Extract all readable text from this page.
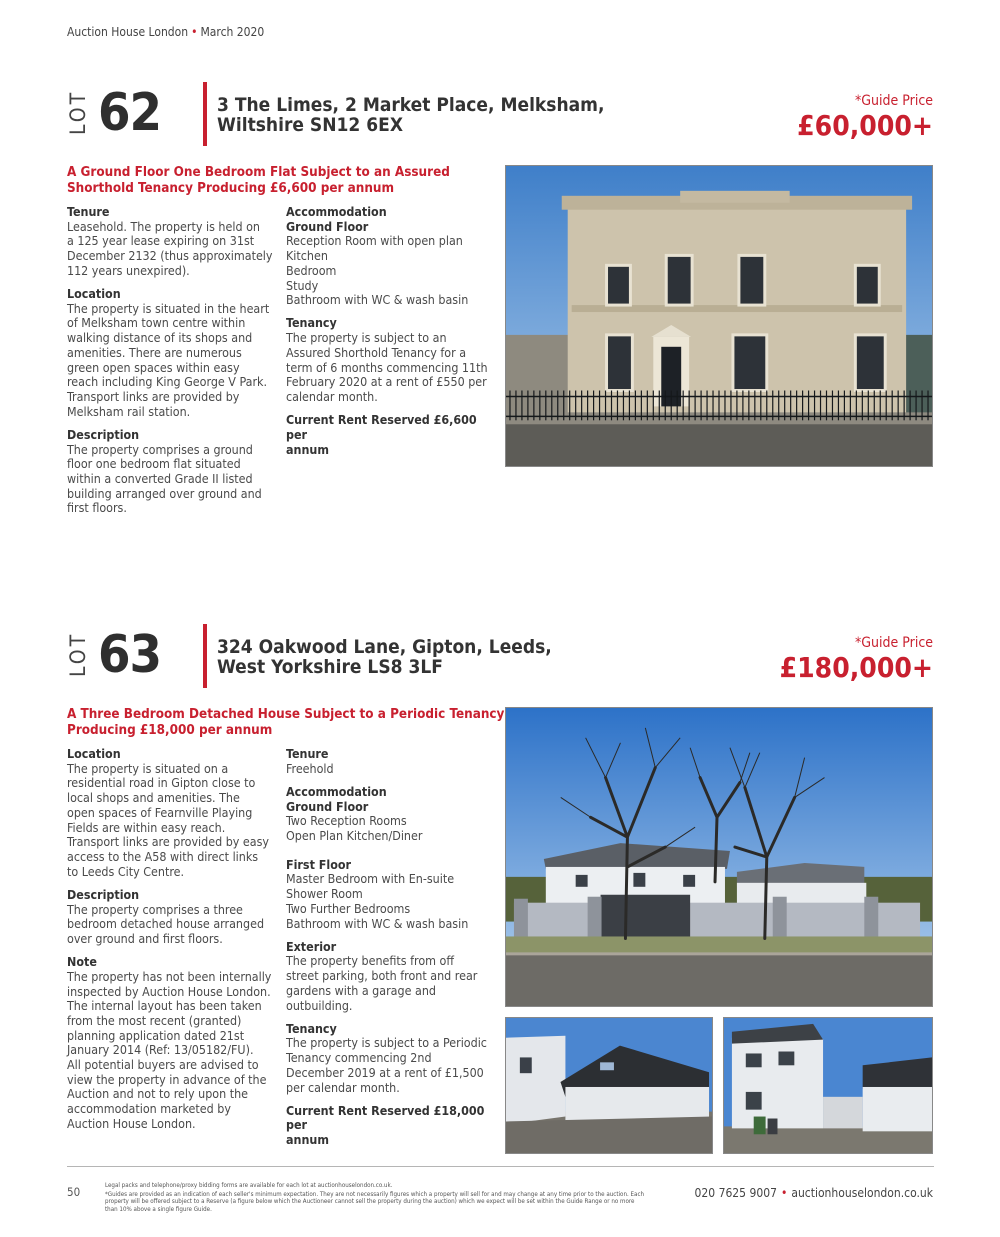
Auction House London • March 2020
LOT 62	3 The Limes, 2 Market Place, Melksham,
Wiltshire SN12 6EX
*Guide Price
£60,000+
A Ground Floor One Bedroom Flat Subject to an Assured
Shorthold Tenancy Producing £6,600 per annum
Tenure

Leasehold. The property is held on
a 125 year lease expiring on 31st
December 2132 (thus approximately
112 years unexpired).

Location

The property is situated in the heart
of Melksham town centre within
walking distance of its shops and
amenities. There are numerous
green open spaces within easy
reach including King George V Park.
Transport links are provided by
Melksham rail station.

Description

The property comprises a ground
floor one bedroom flat situated
within a converted Grade II listed
building arranged over ground and
first floors.

Accommodation
Ground Floor

Reception Room with open plan
Kitchen
Bedroom
Study
Bathroom with WC & wash basin

Tenancy

The property is subject to an
Assured Shorthold Tenancy for a
term of 6 months commencing 11th
February 2020 at a rent of £550 per
calendar month.

Current Rent Reserved £6,600 per
annum
LOT 63	324 Oakwood Lane, Gipton, Leeds,
West Yorkshire LS8 3LF
*Guide Price
£180,000+
A Three Bedroom Detached House Subject to a Periodic Tenancy
Producing £18,000 per annum
Location

The property is situated on a
residential road in Gipton close to
local shops and amenities. The
open spaces of Fearnville Playing
Fields are within easy reach.
Transport links are provided by easy
access to the A58 with direct links
to Leeds City Centre.

Description

The property comprises a three
bedroom detached house arranged
over ground and first floors.

Note

The property has not been internally
inspected by Auction House London.
The internal layout has been taken
from the most recent (granted)
planning application dated 21st
January 2014 (Ref: 13/05182/FU).
All potential buyers are advised to
view the property in advance of the
Auction and not to rely upon the
accommodation marketed by
Auction House London.

Tenure

Freehold

Accommodation
Ground Floor

Two Reception Rooms
Open Plan Kitchen/Diner

First Floor

Master Bedroom with En-suite
Shower Room
Two Further Bedrooms
Bathroom with WC & wash basin

Exterior

The property benefits from off
street parking, both front and rear
gardens with a garage and
outbuilding.

Tenancy

The property is subject to a Periodic
Tenancy commencing 2nd
December 2019 at a rent of £1,500
per calendar month.

Current Rent Reserved £18,000 per
annum
50	Legal packs and telephone/proxy bidding forms are available for each lot at auctionhouselondon.co.uk.
*Guides are provided as an indication of each seller's minimum expectation. They are not necessarily figures which a property will sell for and may change at any time prior to the auction. Each property will be offered subject to a Reserve (a figure below which the Auctioneer cannot sell the property during the auction) which we expect will be set within the Guide Range or no more than 10% above a single figure Guide.
020 7625 9007 • auctionhouselondon.co.uk
